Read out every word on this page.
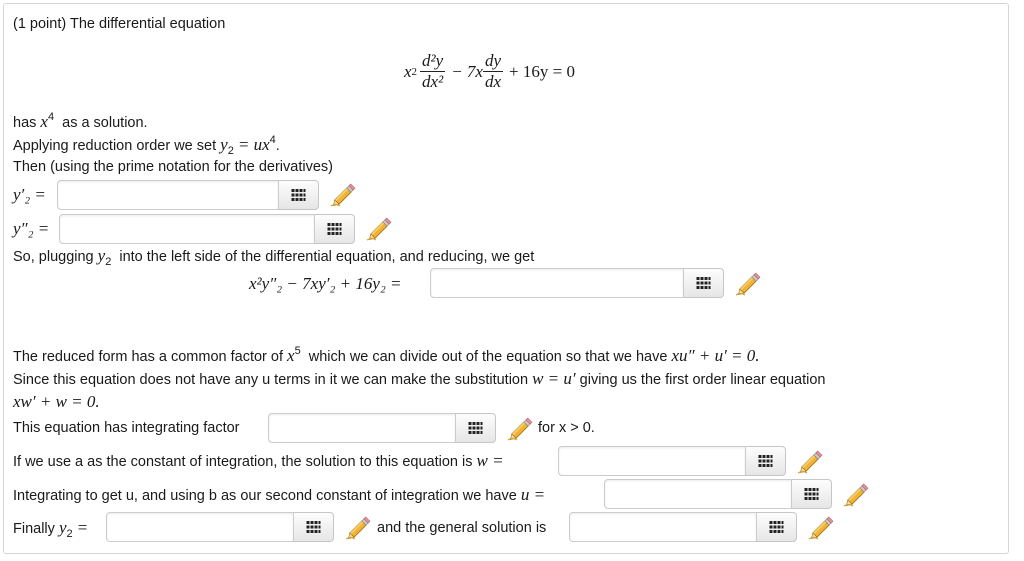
(1 point) The differential equation
x $2 \frac{\text{d²y}}{\text{dx²}} - 7x \frac{dy}{dx} + 16y = 0$
has $x^4$ as a solution.
Applying reduction order we set $y_2 = ux^4$.
Then (using the prime notation for the derivatives)
y′₂ =
y″₂ =
So, plugging $y_2$ into the left side of the differential equation, and reducing, we get
x²y″₂ − 7xy′₂ + 16y₂ =
The reduced form has a common factor of $x^5$ which we can divide out of the equation so that we have xu″ + u′ = 0.
Since this equation does not have any u terms in it we can make the substitution w = u′ giving us the first order linear equation
xw′ + w = 0.
This equation has integrating factor	for x > 0.
If we use a as the constant of integration, the solution to this equation is w =
Integrating to get u, and using b as our second constant of integration we have u =
Finally $y_2$ =	and the general solution is
